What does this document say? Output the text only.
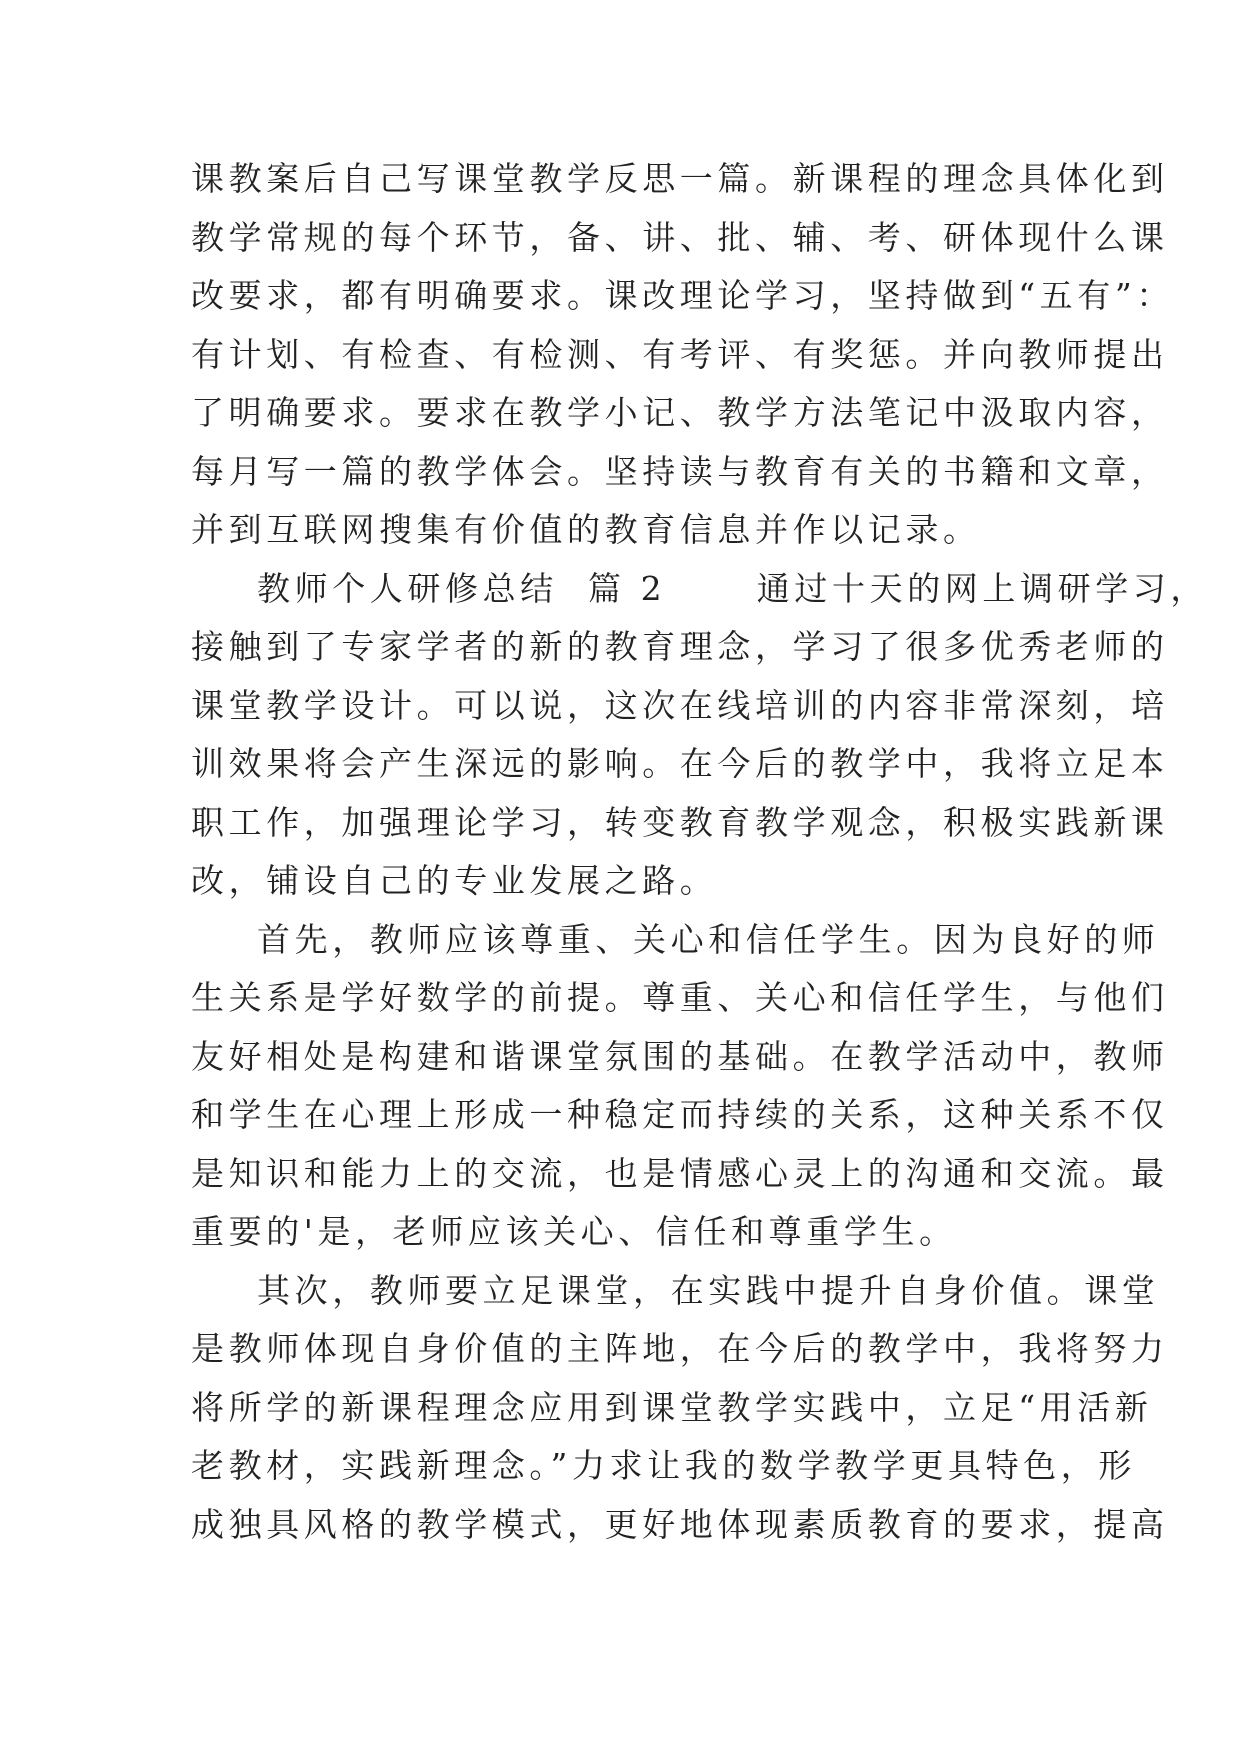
课教案后自己写课堂教学反思一篇。新课程的理念具体化到
教学常规的每个环节，备、讲、批、辅、考、研体现什么课
改要求，都有明确要求。课改理论学习，坚持做到“五有”：
有计划、有检查、有检测、有考评、有奖惩。并向教师提出
了明确要求。要求在教学小记、教学方法笔记中汲取内容，
每月写一篇的教学体会。坚持读与教育有关的书籍和文章，
并到互联网搜集有价值的教育信息并作以记录。
教师个人研修总结  篇 2      通过十天的网上调研学习，
接触到了专家学者的新的教育理念，学习了很多优秀老师的
课堂教学设计。可以说，这次在线培训的内容非常深刻，培
训效果将会产生深远的影响。在今后的教学中，我将立足本
职工作，加强理论学习，转变教育教学观念，积极实践新课
改，铺设自己的专业发展之路。
首先，教师应该尊重、关心和信任学生。因为良好的师
生关系是学好数学的前提。尊重、关心和信任学生，与他们
友好相处是构建和谐课堂氛围的基础。在教学活动中，教师
和学生在心理上形成一种稳定而持续的关系，这种关系不仅
是知识和能力上的交流，也是情感心灵上的沟通和交流。最
重要的'是，老师应该关心、信任和尊重学生。
其次，教师要立足课堂，在实践中提升自身价值。课堂
是教师体现自身价值的主阵地，在今后的教学中，我将努力
将所学的新课程理念应用到课堂教学实践中，立足“用活新
老教材，实践新理念。”力求让我的数学教学更具特色，形
成独具风格的教学模式，更好地体现素质教育的要求，提高
